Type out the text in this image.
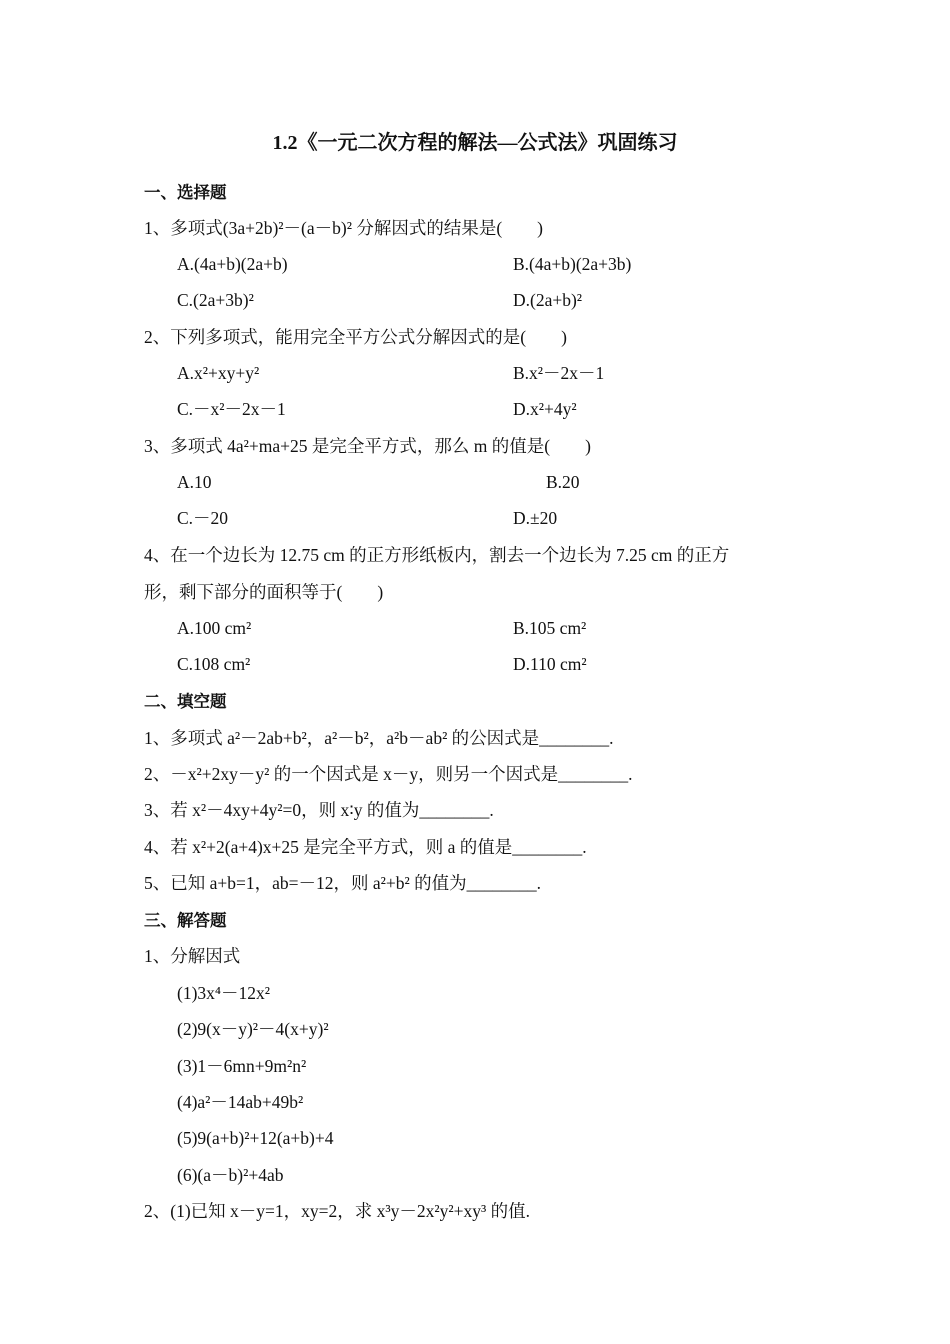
1.2《一元二次方程的解法—公式法》巩固练习
一、选择题
1、多项式(3a+2b)²－(a－b)² 分解因式的结果是(　　)
A.(4a+b)(2a+b)	B.(4a+b)(2a+3b)
C.(2a+3b)²	D.(2a+b)²
2、下列多项式，能用完全平方公式分解因式的是(　　)
A.x²+xy+y²	B.x²－2x－1
C.－x²－2x－1	D.x²+4y²
3、多项式 4a²+ma+25 是完全平方式，那么 m 的值是(　　)
A.10	B.20
C.－20	D.±20
4、在一个边长为 12.75 cm 的正方形纸板内，割去一个边长为 7.25 cm 的正方
形，剩下部分的面积等于(　　)
A.100 cm²	B.105 cm²
C.108 cm²	D.110 cm²
二、填空题
1、多项式 a²－2ab+b²，a²－b²，a²b－ab² 的公因式是________.
2、－x²+2xy－y² 的一个因式是 x－y，则另一个因式是________.
3、若 x²－4xy+4y²=0，则 x∶y 的值为________.
4、若 x²+2(a+4)x+25 是完全平方式，则 a 的值是________.
5、已知 a+b=1，ab=－12，则 a²+b² 的值为________.
三、解答题
1、分解因式
(1)3x⁴－12x²
(2)9(x－y)²－4(x+y)²
(3)1－6mn+9m²n²
(4)a²－14ab+49b²
(5)9(a+b)²+12(a+b)+4
(6)(a－b)²+4ab
2、(1)已知 x－y=1，xy=2，求 x³y－2x²y²+xy³ 的值.
